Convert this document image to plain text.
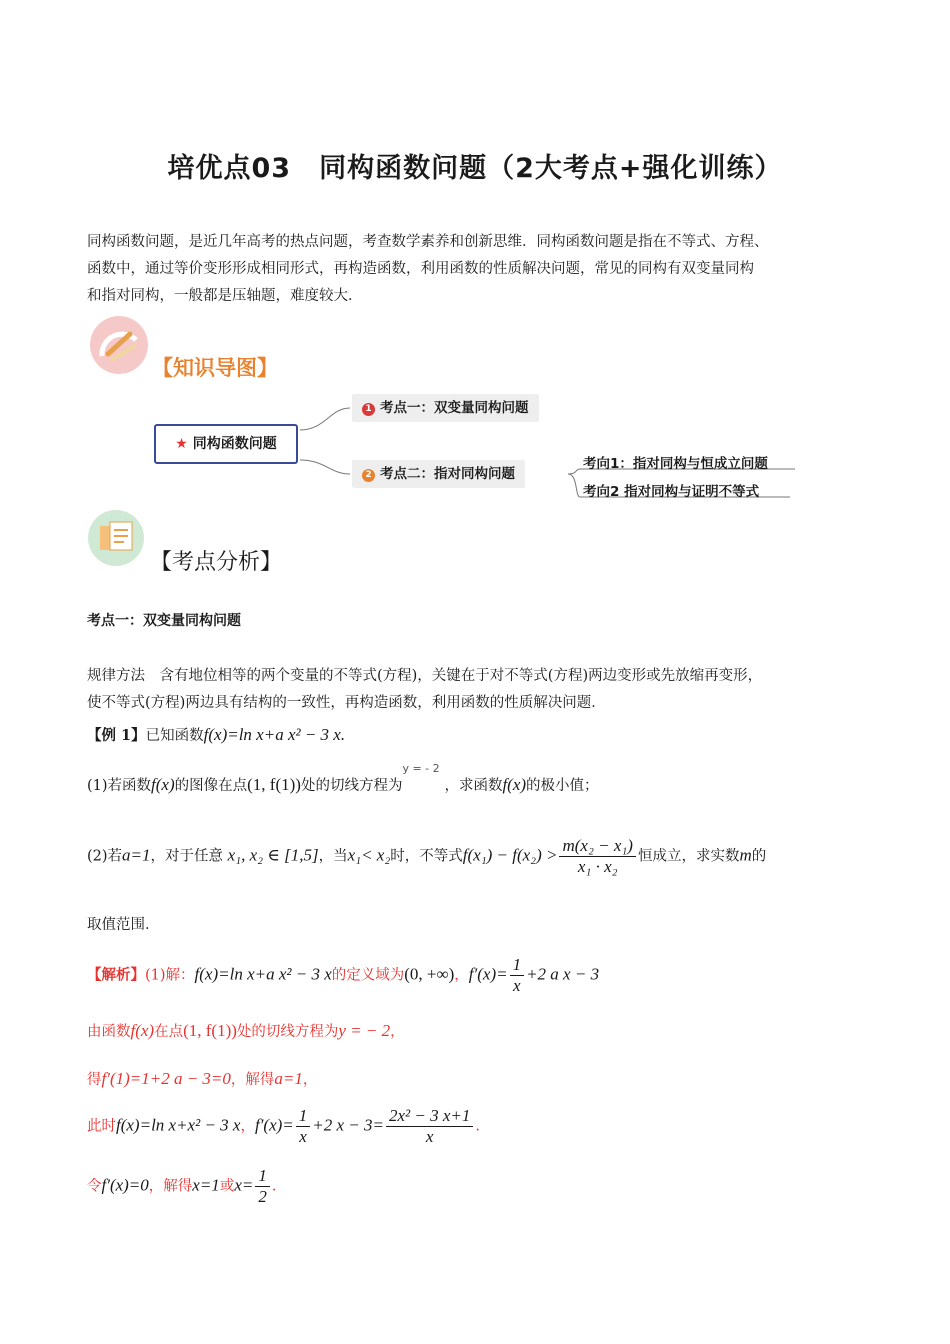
培优点03　同构函数问题（2大考点+强化训练）
同构函数问题，是近几年高考的热点问题，考查数学素养和创新思维．同构函数问题是指在不等式、方程、
函数中，通过等价变形形成相同形式，再构造函数，利用函数的性质解决问题，常见的同构有双变量同构
和指对同构，一般都是压轴题，难度较大．
【知识导图】
★ 同构函数问题
1 考点一：双变量同构问题
2 考点二：指对同构问题
考向1：指对同构与恒成立问题
考向2 指对同构与证明不等式
【考点分析】
考点一：双变量同构问题
规律方法　含有地位相等的两个变量的不等式(方程)，关键在于对不等式(方程)两边变形或先放缩再变形，
使不等式(方程)两边具有结构的一致性，再构造函数，利用函数的性质解决问题．
【例 1】已知函数f(x)=ln x+a x² − 3 x.
(1)若函数f(x)的图像在点(1, f(1))处的切线方程为
y = - 2
，求函数f(x)的极小值；
(2)若a=1，对于任意 x₁, x₂ ∈ [1,5]，当x₁< x₂时，不等式$f(x_1) - f(x_2) > \frac{\text{m(x₂ − x₁)}}{\text{x₁ · x₂}}$ 恒成立，求实数m的
取值范围．
【解析】(1)解：f(x)=ln x+a x² − 3 x的定义域为(0, +∞)，$f'(x)= \frac{1}{x} +2$ a x − 3
由函数f(x)在点(1, f(1))处的切线方程为y = − 2，
得f′(1)=1+2 a − 3=0，解得a=1，
此时f(x)=ln x+x² − 3 x，$f'(x)= \frac{1}{x} +2$ $x - 3= \frac{\text{2x² − 3 x+1}}{x}$ .
令f′(x)=0，解得x=1或$x= \frac{1}{2}$ .
